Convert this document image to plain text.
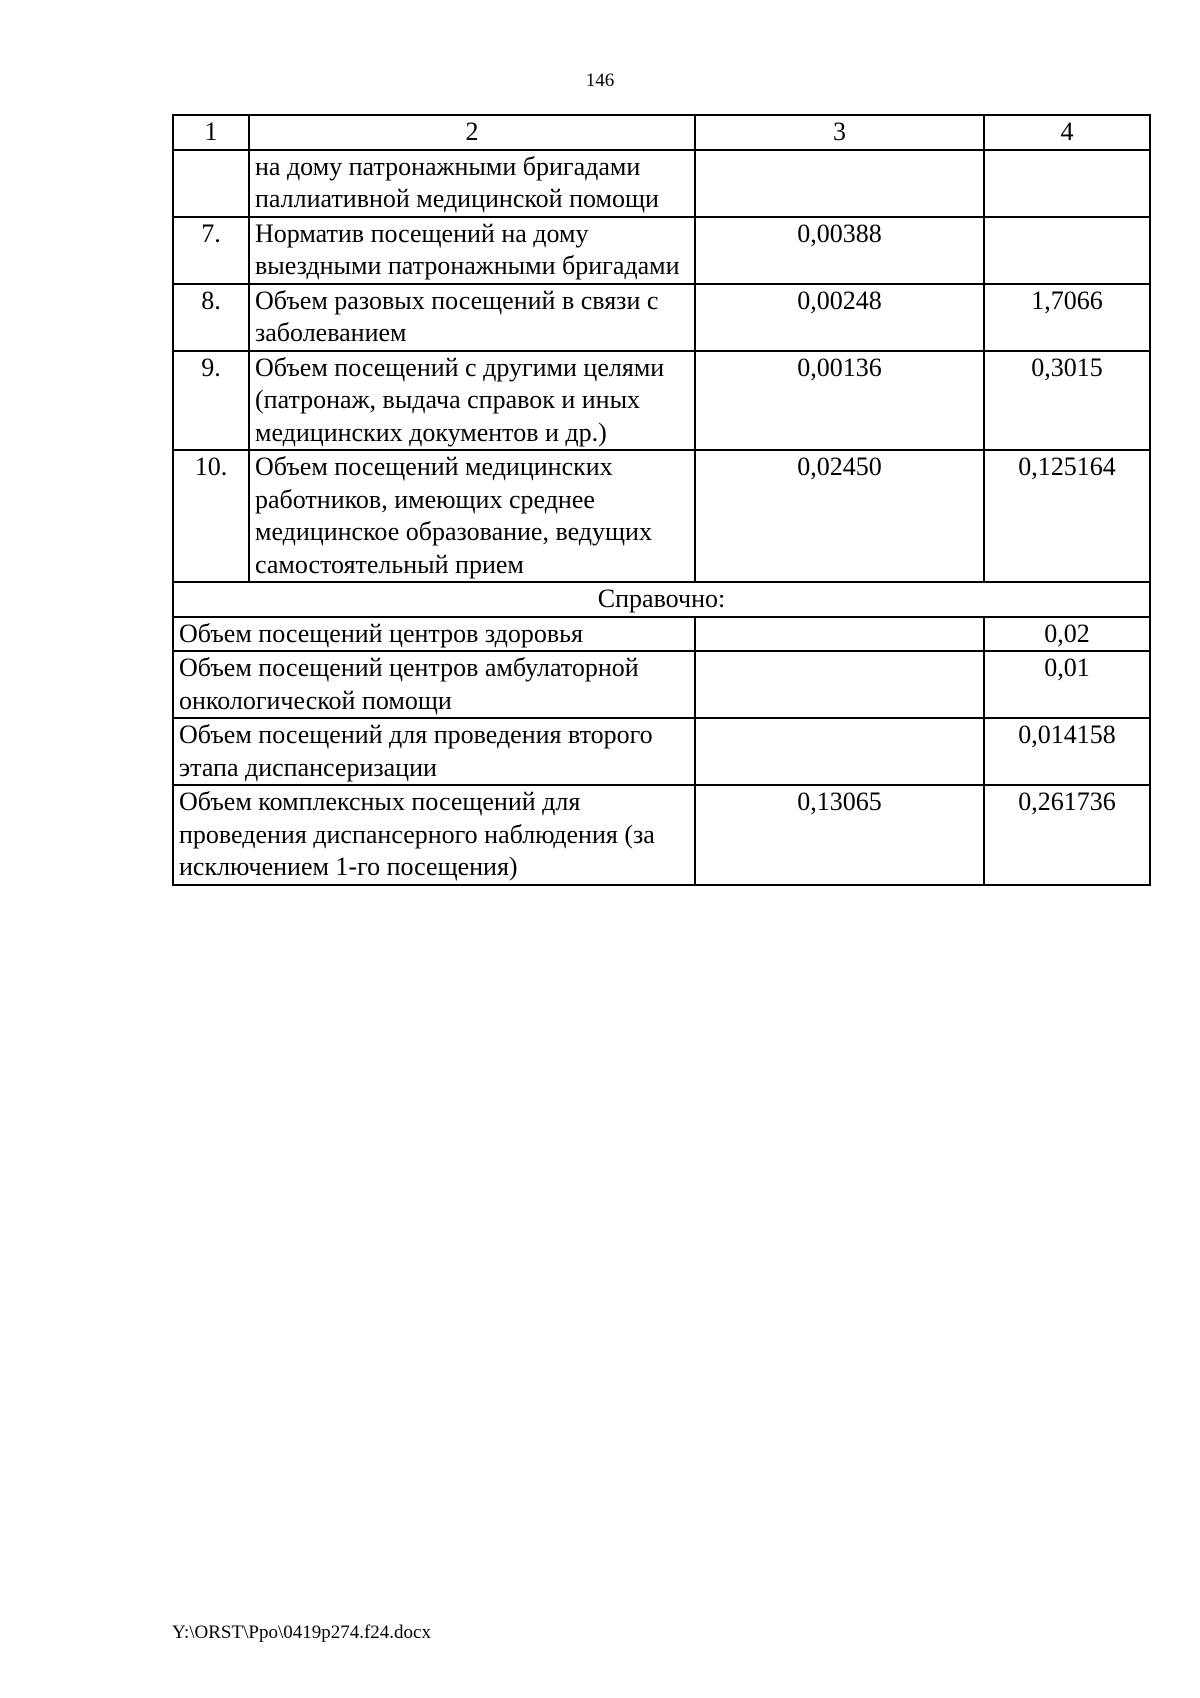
146
1	2	3	4
	на дому патронажными бригадами паллиативной медицинской помощи		
7.	Норматив посещений на дому выездными патронажными бригадами	0,00388	
8.	Объем разовых посещений в связи с заболеванием	0,00248	1,7066
9.	Объем посещений с другими целями (патронаж, выдача справок и иных медицинских документов и др.)	0,00136	0,3015
10.	Объем посещений медицинских работников, имеющих среднее медицинское образование, ведущих самостоятельный прием	0,02450	0,125164
Справочно:			
Объем посещений центров здоровья			0,02
Объем посещений центров амбулаторной онкологической помощи			0,01
Объем посещений для проведения второго этапа диспансеризации			0,014158
Объем комплексных посещений для проведения диспансерного наблюдения (за исключением 1-го посещения)		0,13065	0,261736
Y:\ORST\Ppo\0419p274.f24.docx
